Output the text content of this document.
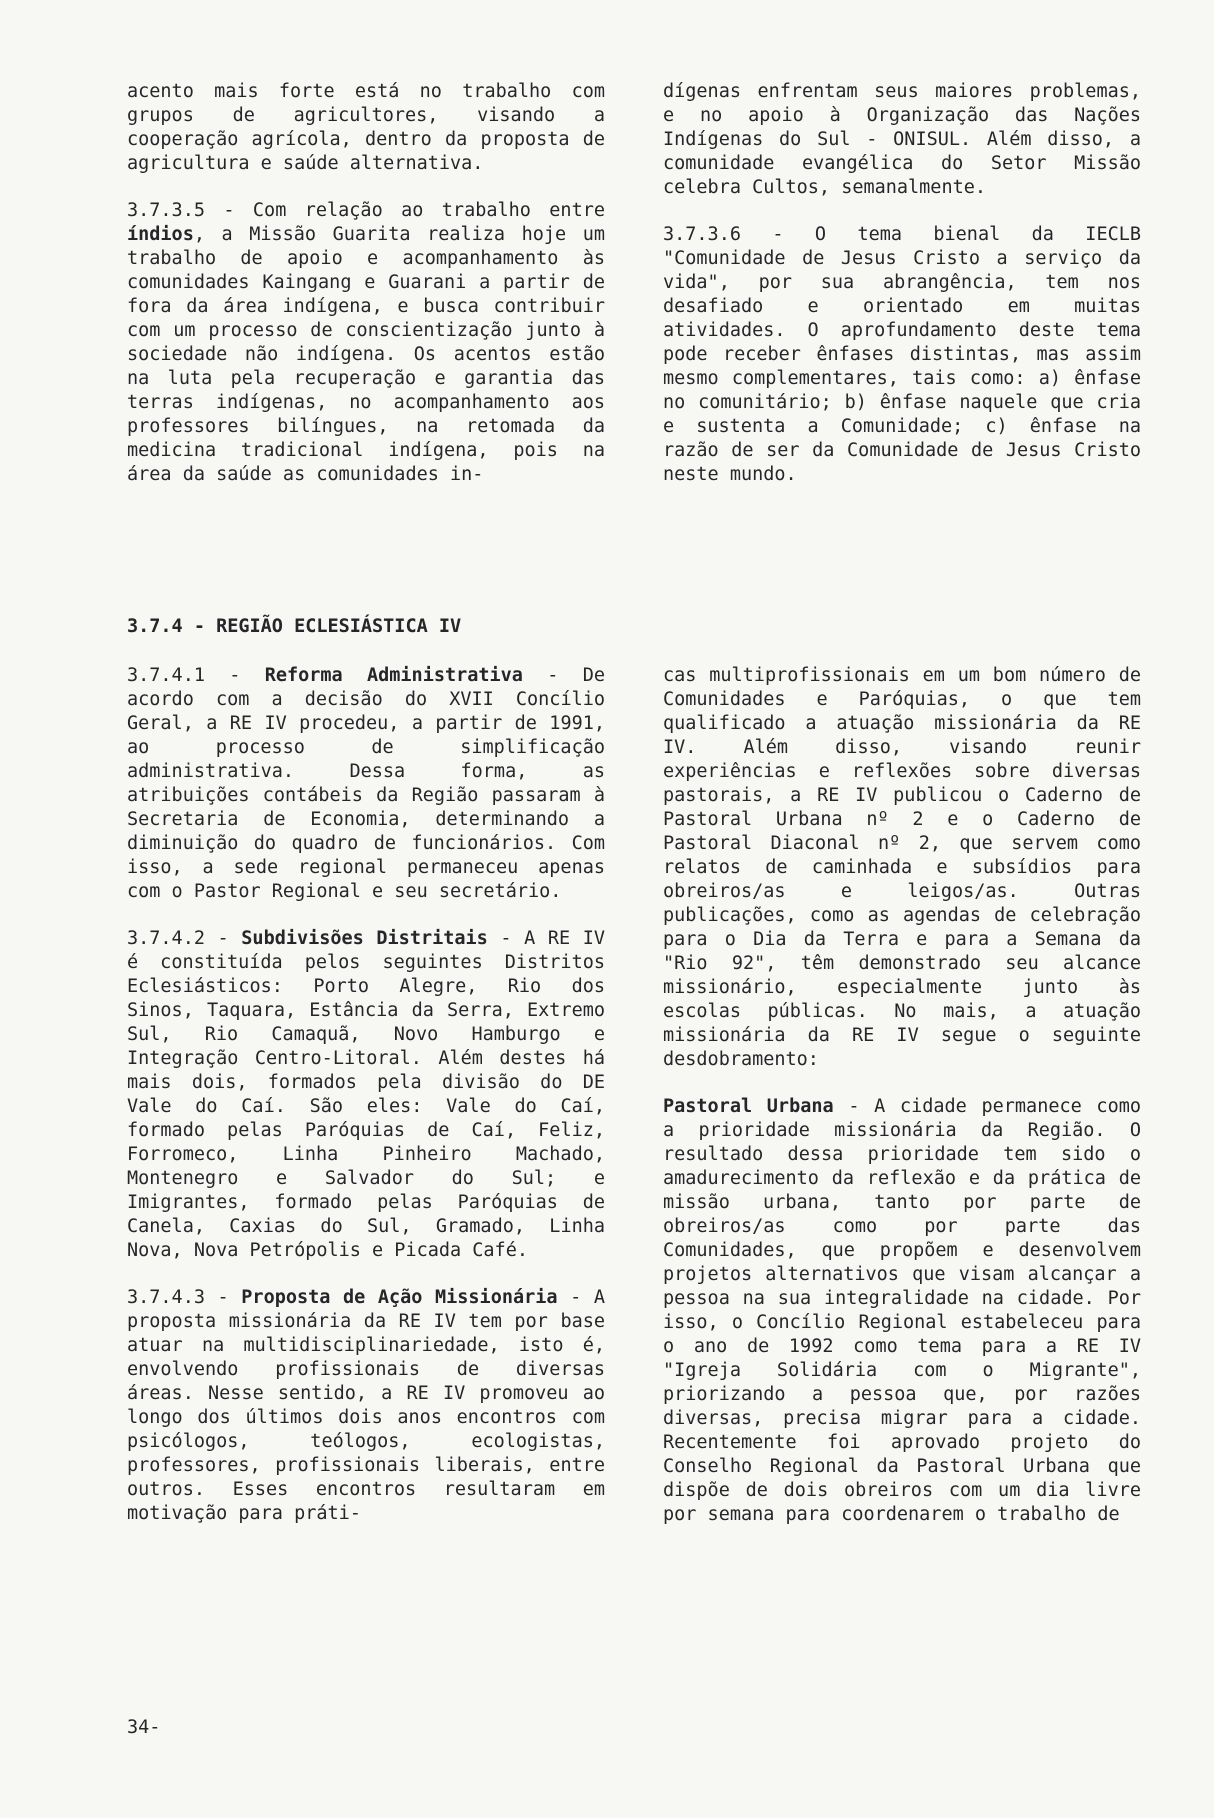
acento mais forte está no trabalho com grupos de agricultores, visando a cooperação agrícola, dentro da proposta de agricultura e saúde alternativa.

3.7.3.5 - Com relação ao trabalho entre índios, a Missão Guarita realiza hoje um trabalho de apoio e acompanhamento às comunidades Kaingang e Guarani a partir de fora da área indígena, e busca contribuir com um processo de conscientização junto à sociedade não indígena. Os acentos estão na luta pela recuperação e garantia das terras indígenas, no acompanhamento aos professores bilíngues, na retomada da medicina tradicional indígena, pois na área da saúde as comunidades in-

dígenas enfrentam seus maiores problemas, e no apoio à Organização das Nações Indígenas do Sul - ONISUL. Além disso, a comunidade evangélica do Setor Missão celebra Cultos, semanalmente.

3.7.3.6 - O tema bienal da IECLB "Comunidade de Jesus Cristo a serviço da vida", por sua abrangência, tem nos desafiado e orientado em muitas atividades. O aprofundamento deste tema pode receber ênfases distintas, mas assim mesmo complementares, tais como: a) ênfase no comunitário; b) ênfase naquele que cria e sustenta a Comunidade; c) ênfase na razão de ser da Comunidade de Jesus Cristo neste mundo.

3.7.4 - REGIÃO ECLESIÁSTICA IV

3.7.4.1 - Reforma Administrativa - De acordo com a decisão do XVII Concílio Geral, a RE IV procedeu, a partir de 1991, ao processo de simplificação administrativa. Dessa forma, as atribuições contábeis da Região passaram à Secretaria de Economia, determinando a diminuição do quadro de funcionários. Com isso, a sede regional permaneceu apenas com o Pastor Regional e seu secretário.

3.7.4.2 - Subdivisões Distritais - A RE IV é constituída pelos seguintes Distritos Eclesiásticos: Porto Alegre, Rio dos Sinos, Taquara, Estância da Serra, Extremo Sul, Rio Camaquã, Novo Hamburgo e Integração Centro-Litoral. Além destes há mais dois, formados pela divisão do DE Vale do Caí. São eles: Vale do Caí, formado pelas Paróquias de Caí, Feliz, Forromeco, Linha Pinheiro Machado, Montenegro e Salvador do Sul; e Imigrantes, formado pelas Paróquias de Canela, Caxias do Sul, Gramado, Linha Nova, Nova Petrópolis e Picada Café.

3.7.4.3 - Proposta de Ação Missionária - A proposta missionária da RE IV tem por base atuar na multidisciplinariedade, isto é, envolvendo profissionais de diversas áreas. Nesse sentido, a RE IV promoveu ao longo dos últimos dois anos encontros com psicólogos, teólogos, ecologistas, professores, profissionais liberais, entre outros. Esses encontros resultaram em motivação para práti-

cas multiprofissionais em um bom número de Comunidades e Paróquias, o que tem qualificado a atuação missionária da RE IV. Além disso, visando reunir experiências e reflexões sobre diversas pastorais, a RE IV publicou o Caderno de Pastoral Urbana nº 2 e o Caderno de Pastoral Diaconal nº 2, que servem como relatos de caminhada e subsídios para obreiros/as e leigos/as. Outras publicações, como as agendas de celebração para o Dia da Terra e para a Semana da "Rio 92", têm demonstrado seu alcance missionário, especialmente junto às escolas públicas. No mais, a atuação missionária da RE IV segue o seguinte desdobramento:

Pastoral Urbana - A cidade permanece como a prioridade missionária da Região. O resultado dessa prioridade tem sido o amadurecimento da reflexão e da prática de missão urbana, tanto por parte de obreiros/as como por parte das Comunidades, que propõem e desenvolvem projetos alternativos que visam alcançar a pessoa na sua integralidade na cidade. Por isso, o Concílio Regional estabeleceu para o ano de 1992 como tema para a RE IV "Igreja Solidária com o Migrante", priorizando a pessoa que, por razões diversas, precisa migrar para a cidade. Recentemente foi aprovado projeto do Conselho Regional da Pastoral Urbana que dispõe de dois obreiros com um dia livre por semana para coordenarem o trabalho de

34-
